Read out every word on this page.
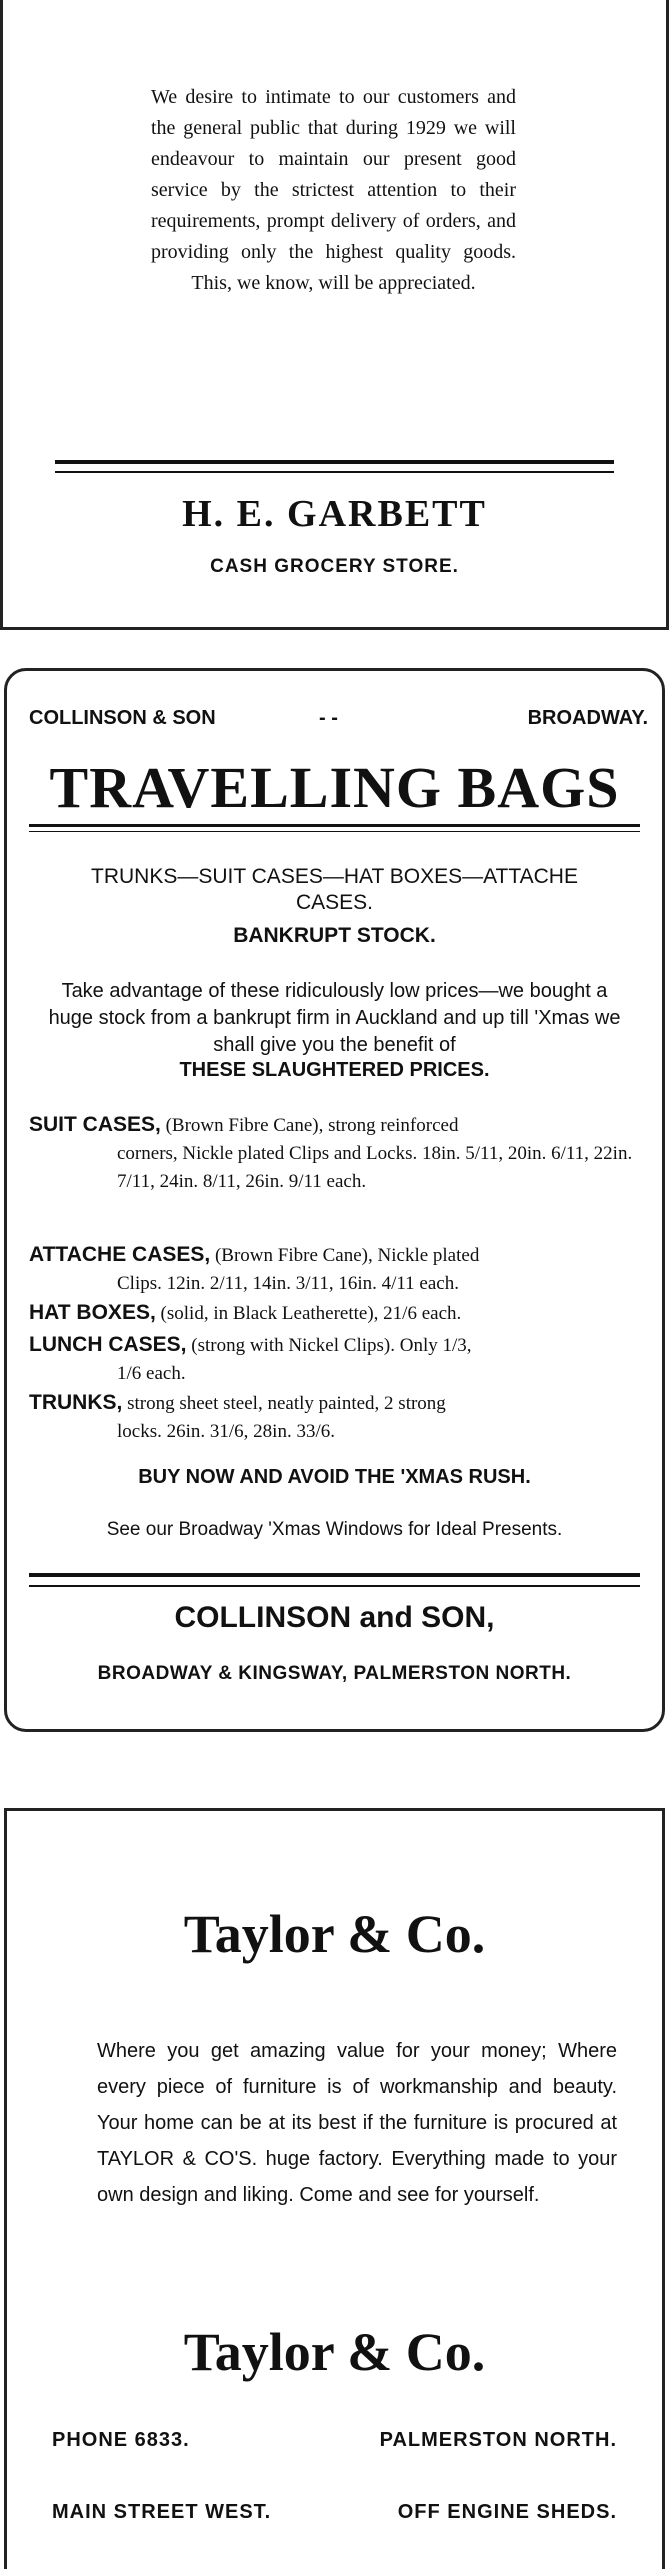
We desire to intimate to our customers and the general public that during 1929 we will endeavour to maintain our present good service by the strictest attention to their requirements, prompt delivery of orders, and providing only the highest quality goods. This, we know, will be appreciated.
H. E. GARBETT
CASH GROCERY STORE.
COLLINSON & SON	- -	BROADWAY.
TRAVELLING BAGS
TRUNKS—SUIT CASES—HAT BOXES—ATTACHE CASES.
BANKRUPT STOCK.
Take advantage of these ridiculously low prices—we bought a huge stock from a bankrupt firm in Auckland and up till 'Xmas we shall give you the benefit of
THESE SLAUGHTERED PRICES.
SUIT CASES, (Brown Fibre Cane), strong reinforced
corners, Nickle plated Clips and Locks. 18in. 5/11, 20in. 6/11, 22in. 7/11, 24in. 8/11, 26in. 9/11 each.
ATTACHE CASES, (Brown Fibre Cane), Nickle plated
Clips. 12in. 2/11, 14in. 3/11, 16in. 4/11 each.
HAT BOXES, (solid, in Black Leatherette), 21/6 each.
LUNCH CASES, (strong with Nickel Clips). Only 1/3,
1/6 each.
TRUNKS, strong sheet steel, neatly painted, 2 strong
locks. 26in. 31/6, 28in. 33/6.
BUY NOW AND AVOID THE 'XMAS RUSH.
See our Broadway 'Xmas Windows for Ideal Presents.
COLLINSON and SON,
BROADWAY & KINGSWAY, PALMERSTON NORTH.
Taylor & Co.
Where you get amazing value for your money; Where every piece of furniture is of workmanship and beauty. Your home can be at its best if the furniture is procured at TAYLOR & CO'S. huge factory. Everything made to your own design and liking. Come and see for yourself.
Taylor & Co.
PHONE 6833.	PALMERSTON NORTH.
MAIN STREET WEST.	OFF ENGINE SHEDS.
